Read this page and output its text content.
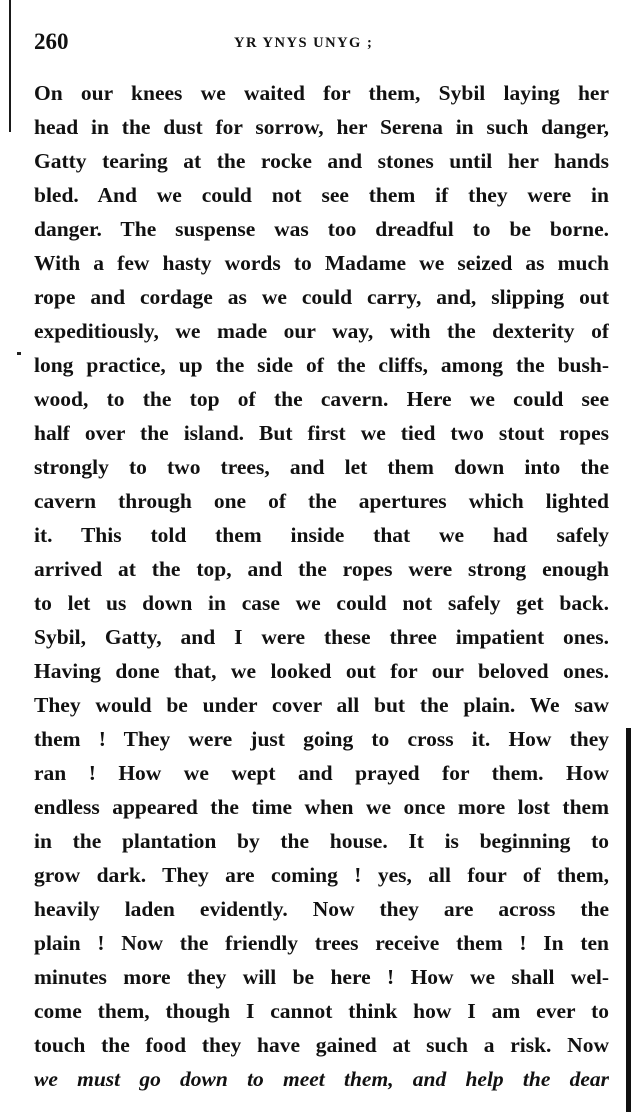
260	YR YNYS UNYG ;
On our knees we waited for them, Sybil laying her
head in the dust for sorrow, her Serena in such danger,
Gatty tearing at the rocke and stones until her hands
bled. And we could not see them if they were in
danger. The suspense was too dreadful to be borne.
With a few hasty words to Madame we seized as much
rope and cordage as we could carry, and, slipping out
expeditiously, we made our way, with the dexterity of
long practice, up the side of the cliffs, among the bush-
wood, to the top of the cavern. Here we could see
half over the island. But first we tied two stout ropes
strongly to two trees, and let them down into the
cavern through one of the apertures which lighted
it. This told them inside that we had safely
arrived at the top, and the ropes were strong enough
to let us down in case we could not safely get back.
Sybil, Gatty, and I were these three impatient ones.
Having done that, we looked out for our beloved ones.
They would be under cover all but the plain. We saw
them ! They were just going to cross it. How they
ran ! How we wept and prayed for them. How
endless appeared the time when we once more lost them
in the plantation by the house. It is beginning to
grow dark. They are coming ! yes, all four of them,
heavily laden evidently. Now they are across the
plain ! Now the friendly trees receive them ! In ten
minutes more they will be here ! How we shall wel-
come them, though I cannot think how I am ever to
touch the food they have gained at such a risk. Now
we must go down to meet them, and help the dear
